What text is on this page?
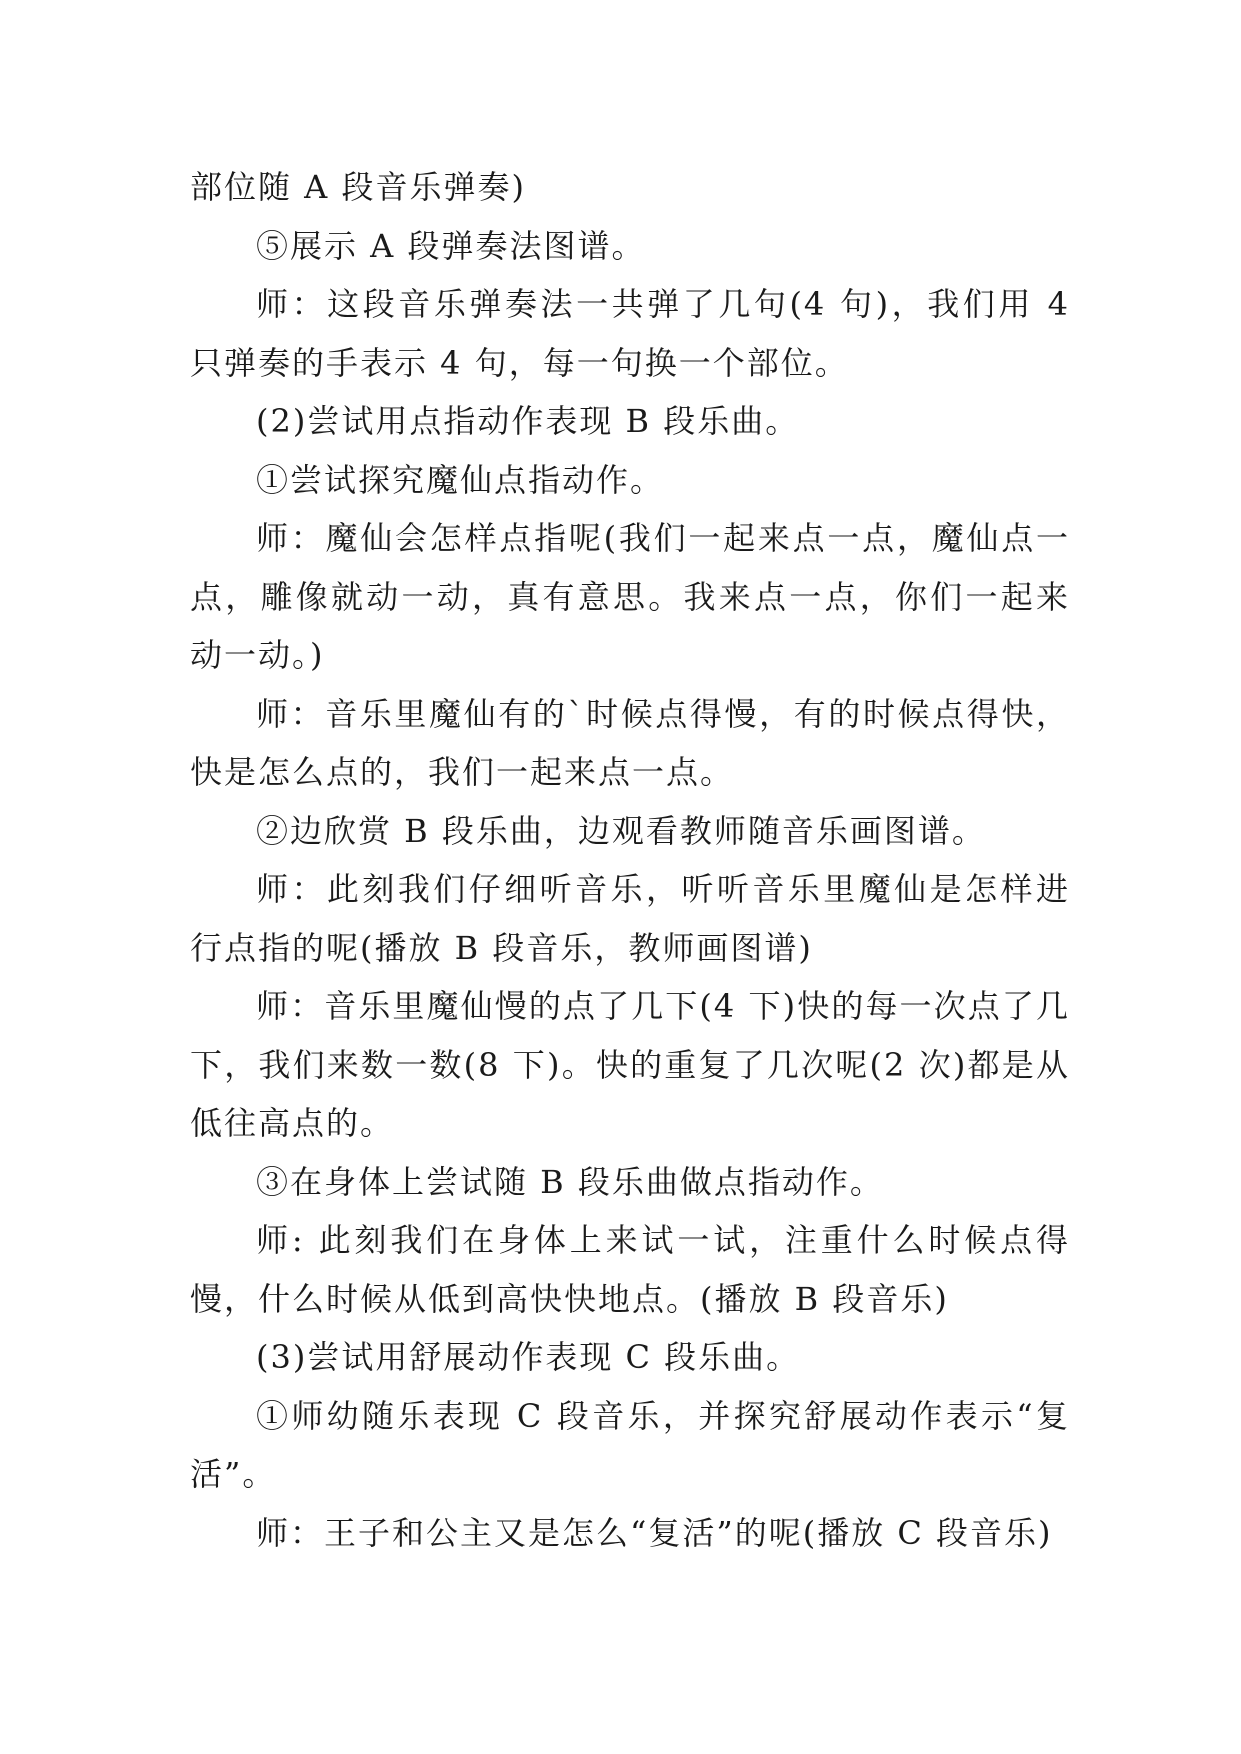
部位随 A 段音乐弹奏)

⑤展示 A 段弹奏法图谱。

师：这段音乐弹奏法一共弹了几句(4 句)，我们用 4 只弹奏的手表示 4 句，每一句换一个部位。

(2)尝试用点指动作表现 B 段乐曲。

①尝试探究魔仙点指动作。

师：魔仙会怎样点指呢(我们一起来点一点，魔仙点一点，雕像就动一动，真有意思。我来点一点，你们一起来动一动。)

师：音乐里魔仙有的`时候点得慢，有的时候点得快，快是怎么点的，我们一起来点一点。

②边欣赏 B 段乐曲，边观看教师随音乐画图谱。

师：此刻我们仔细听音乐，听听音乐里魔仙是怎样进行点指的呢(播放 B 段音乐，教师画图谱)

师：音乐里魔仙慢的点了几下(4 下)快的每一次点了几下，我们来数一数(8 下)。快的重复了几次呢(2 次)都是从低往高点的。

③在身体上尝试随 B 段乐曲做点指动作。

师: 此刻我们在身体上来试一试，注重什么时候点得慢，什么时候从低到高快快地点。(播放 B 段音乐)

(3)尝试用舒展动作表现 C 段乐曲。

①师幼随乐表现 C 段音乐，并探究舒展动作表示“复活”。

师：王子和公主又是怎么“复活”的呢(播放 C 段音乐)
